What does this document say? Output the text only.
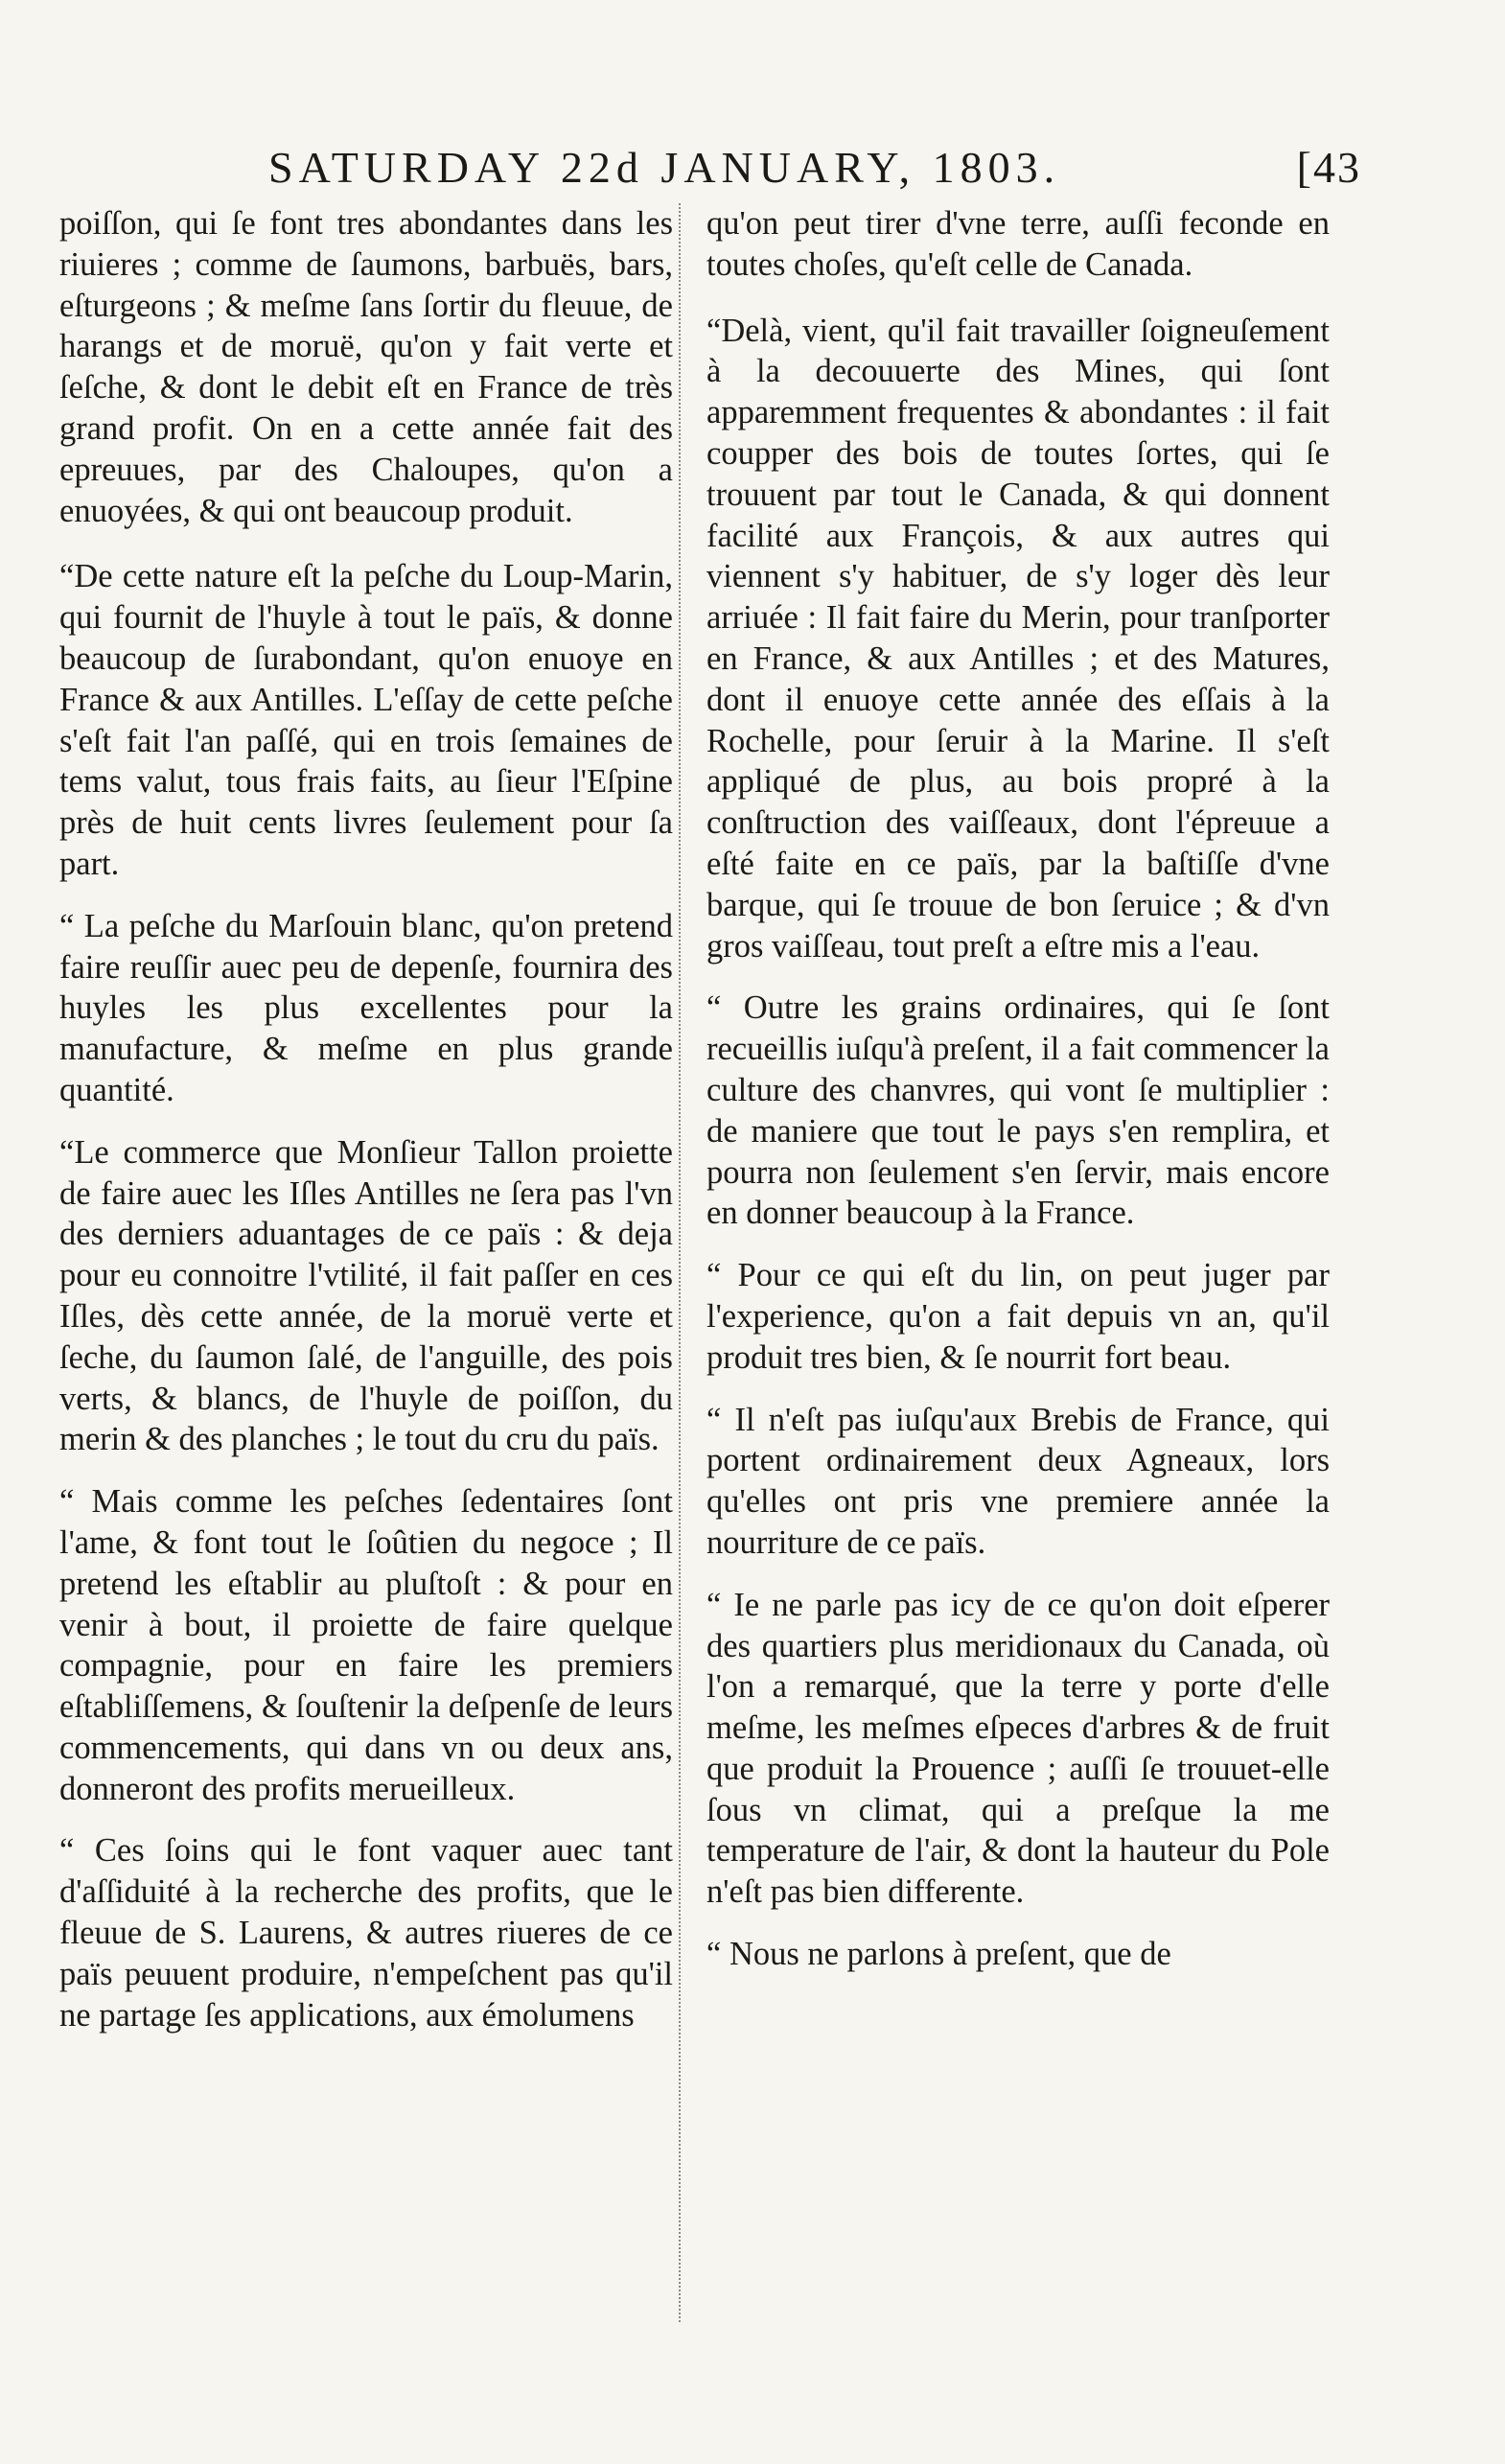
SATURDAY 22d JANUARY, 1803.	[43

poiſſon, qui ſe font tres abondantes dans les riuieres ; comme de ſaumons, barbuës, bars, eſturgeons ; & meſme ſans ſortir du fleuue, de harangs et de moruë, qu'on y fait verte et ſeſche, & dont le debit eſt en France de très grand profit. On en a cette année fait des epreuues, par des Chaloupes, qu'on a enuoyées, & qui ont beaucoup produit.

“De cette nature eſt la peſche du Loup-Marin, qui fournit de l'huyle à tout le païs, & donne beaucoup de ſurabondant, qu'on enuoye en France & aux Antilles. L'eſſay de cette peſche s'eſt fait l'an paſſé, qui en trois ſemaines de tems valut, tous frais faits, au ſieur l'Eſpine près de huit cents livres ſeulement pour ſa part.

“ La peſche du Marſouin blanc, qu'on pretend faire reuſſir auec peu de depenſe, fournira des huyles les plus excellentes pour la manufacture, & meſme en plus grande quantité.

“Le commerce que Monſieur Tallon proiette de faire auec les Iſles Antilles ne ſera pas l'vn des derniers aduantages de ce païs : & deja pour eu connoitre l'vtilité, il fait paſſer en ces Iſles, dès cette année, de la moruë verte et ſeche, du ſaumon ſalé, de l'anguille, des pois verts, & blancs, de l'huyle de poiſſon, du merin & des planches ; le tout du cru du païs.

“ Mais comme les peſches ſedentaires ſont l'ame, & font tout le ſoûtien du negoce ; Il pretend les eſtablir au pluſtoſt : & pour en venir à bout, il proiette de faire quelque compagnie, pour en faire les premiers eſtabliſſemens, & ſouſtenir la deſpenſe de leurs commencements, qui dans vn ou deux ans, donneront des profits merueilleux.

“ Ces ſoins qui le font vaquer auec tant d'aſſiduité à la recherche des profits, que le fleuue de S. Laurens, & autres riueres de ce païs peuuent produire, n'empeſchent pas qu'il ne partage ſes applications, aux émolumens

qu'on peut tirer d'vne terre, auſſi feconde en toutes choſes, qu'eſt celle de Canada.

“Delà, vient, qu'il fait travailler ſoigneuſement à la decouuerte des Mines, qui ſont apparemment frequentes & abondantes : il fait coupper des bois de toutes ſortes, qui ſe trouuent par tout le Canada, & qui donnent facilité aux François, & aux autres qui viennent s'y habituer, de s'y loger dès leur arriuée : Il fait faire du Merin, pour tranſporter en France, & aux Antilles ; et des Matures, dont il enuoye cette année des eſſais à la Rochelle, pour ſeruir à la Marine. Il s'eſt appliqué de plus, au bois propré à la conſtruction des vaiſſeaux, dont l'épreuue a eſté faite en ce païs, par la baſtiſſe d'vne barque, qui ſe trouue de bon ſeruice ; & d'vn gros vaiſſeau, tout preſt a eſtre mis a l'eau.

“ Outre les grains ordinaires, qui ſe ſont recueillis iuſqu'à preſent, il a fait commencer la culture des chanvres, qui vont ſe multiplier : de maniere que tout le pays s'en remplira, et pourra non ſeulement s'en ſervir, mais encore en donner beaucoup à la France.

“ Pour ce qui eſt du lin, on peut juger par l'experience, qu'on a fait depuis vn an, qu'il produit tres bien, & ſe nourrit fort beau.

“ Il n'eſt pas iuſqu'aux Brebis de France, qui portent ordinairement deux Agneaux, lors qu'elles ont pris vne premiere année la nourriture de ce païs.

“ Ie ne parle pas icy de ce qu'on doit eſperer des quartiers plus meridionaux du Canada, où l'on a remarqué, que la terre y porte d'elle meſme, les meſmes eſpeces d'arbres & de fruit que produit la Prouence ; auſſi ſe trouuet-elle ſous vn climat, qui a preſque la me temperature de l'air, & dont la hauteur du Pole n'eſt pas bien differente.

“ Nous ne parlons à preſent, que de
